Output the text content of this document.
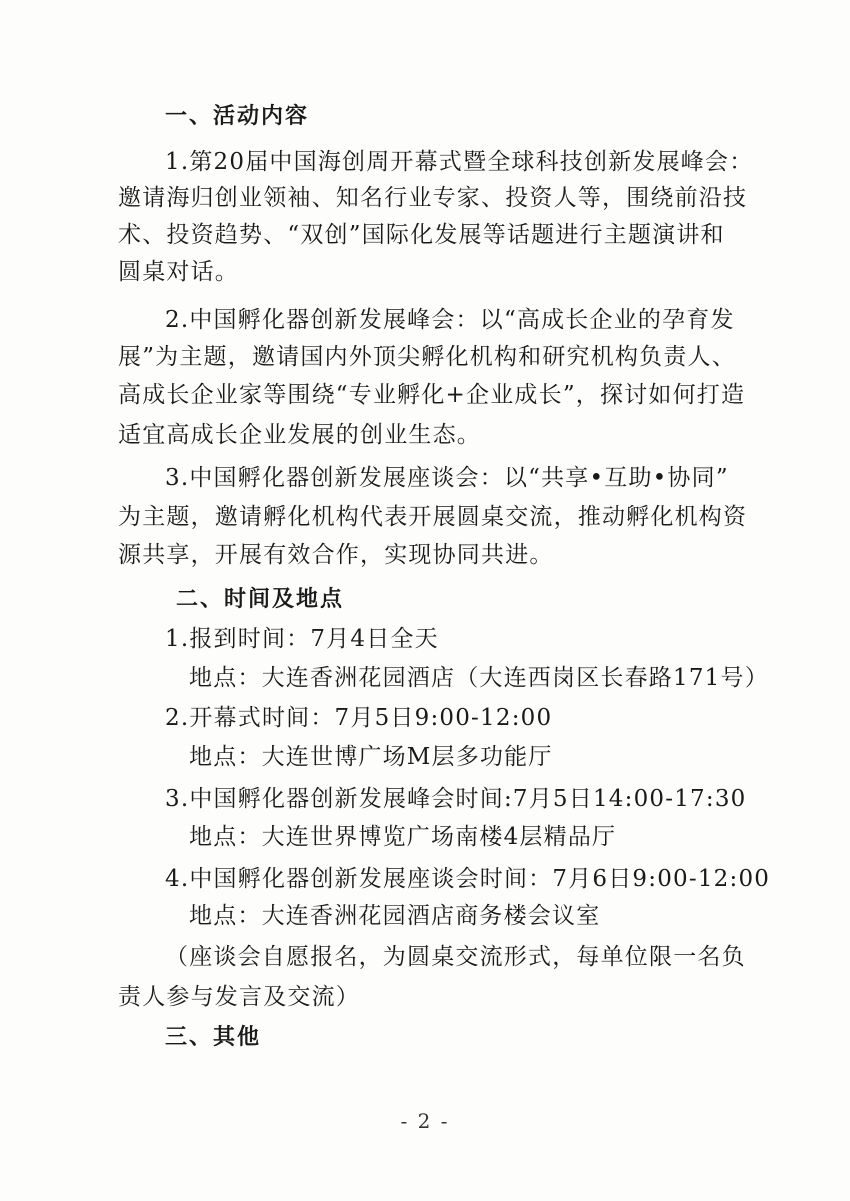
一、活动内容
1.第20届中国海创周开幕式暨全球科技创新发展峰会：
邀请海归创业领袖、知名行业专家、投资人等，围绕前沿技
术、投资趋势、“双创”国际化发展等话题进行主题演讲和
圆桌对话。
2.中国孵化器创新发展峰会：以“高成长企业的孕育发
展”为主题，邀请国内外顶尖孵化机构和研究机构负责人、
高成长企业家等围绕“专业孵化+企业成长”，探讨如何打造
适宜高成长企业发展的创业生态。
3.中国孵化器创新发展座谈会：以“共享•互助•协同”
为主题，邀请孵化机构代表开展圆桌交流，推动孵化机构资
源共享，开展有效合作，实现协同共进。
二、时间及地点
1.报到时间：7月4日全天
地点：大连香洲花园酒店（大连西岗区长春路171号）
2.开幕式时间：7月5日9:00-12:00
地点：大连世博广场M层多功能厅
3.中国孵化器创新发展峰会时间:7月5日14:00-17:30
地点：大连世界博览广场南楼4层精品厅
4.中国孵化器创新发展座谈会时间：7月6日9:00-12:00
地点：大连香洲花园酒店商务楼会议室
（座谈会自愿报名，为圆桌交流形式，每单位限一名负
责人参与发言及交流）
三、其他
- 2 -
